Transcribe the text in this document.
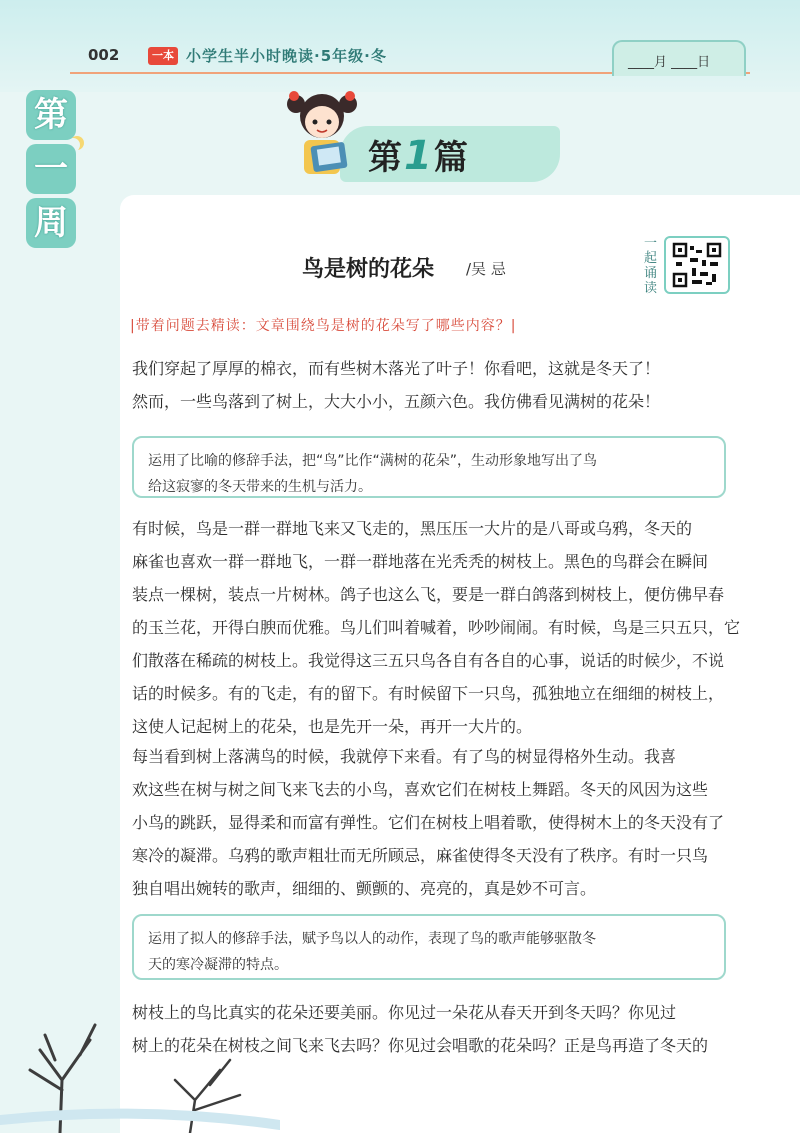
002	一本 小学生半小时晚读·5年级·冬	____月 ____日
第
一
周
第1篇
鸟是树的花朵 /吴 忌
一起诵读
|带着问题去精读：文章围绕鸟是树的花朵写了哪些内容？|
我们穿起了厚厚的棉衣，而有些树木落光了叶子！你看吧，这就是冬天了！
然而，一些鸟落到了树上，大大小小，五颜六色。我仿佛看见满树的花朵！
运用了比喻的修辞手法，把“鸟”比作“满树的花朵”，生动形象地写出了鸟
给这寂寥的冬天带来的生机与活力。
有时候，鸟是一群一群地飞来又飞走的，黑压压一大片的是八哥或乌鸦，冬天的
麻雀也喜欢一群一群地飞，一群一群地落在光秃秃的树枝上。黑色的鸟群会在瞬间
装点一棵树，装点一片树林。鸽子也这么飞，要是一群白鸽落到树枝上，便仿佛早春
的玉兰花，开得白腴而优雅。鸟儿们叫着喊着，吵吵闹闹。有时候，鸟是三只五只，它
们散落在稀疏的树枝上。我觉得这三五只鸟各自有各自的心事，说话的时候少，不说
话的时候多。有的飞走，有的留下。有时候留下一只鸟，孤独地立在细细的树枝上，
这使人记起树上的花朵，也是先开一朵，再开一大片的。
每当看到树上落满鸟的时候，我就停下来看。有了鸟的树显得格外生动。我喜
欢这些在树与树之间飞来飞去的小鸟，喜欢它们在树枝上舞蹈。冬天的风因为这些
小鸟的跳跃，显得柔和而富有弹性。它们在树枝上唱着歌，使得树木上的冬天没有了
寒冷的凝滞。乌鸦的歌声粗壮而无所顾忌，麻雀使得冬天没有了秩序。有时一只鸟
独自唱出婉转的歌声，细细的、颤颤的、亮亮的，真是妙不可言。
运用了拟人的修辞手法，赋予鸟以人的动作，表现了鸟的歌声能够驱散冬
天的寒冷凝滞的特点。
树枝上的鸟比真实的花朵还要美丽。你见过一朵花从春天开到冬天吗？你见过
树上的花朵在树枝之间飞来飞去吗？你见过会唱歌的花朵吗？正是鸟再造了冬天的
